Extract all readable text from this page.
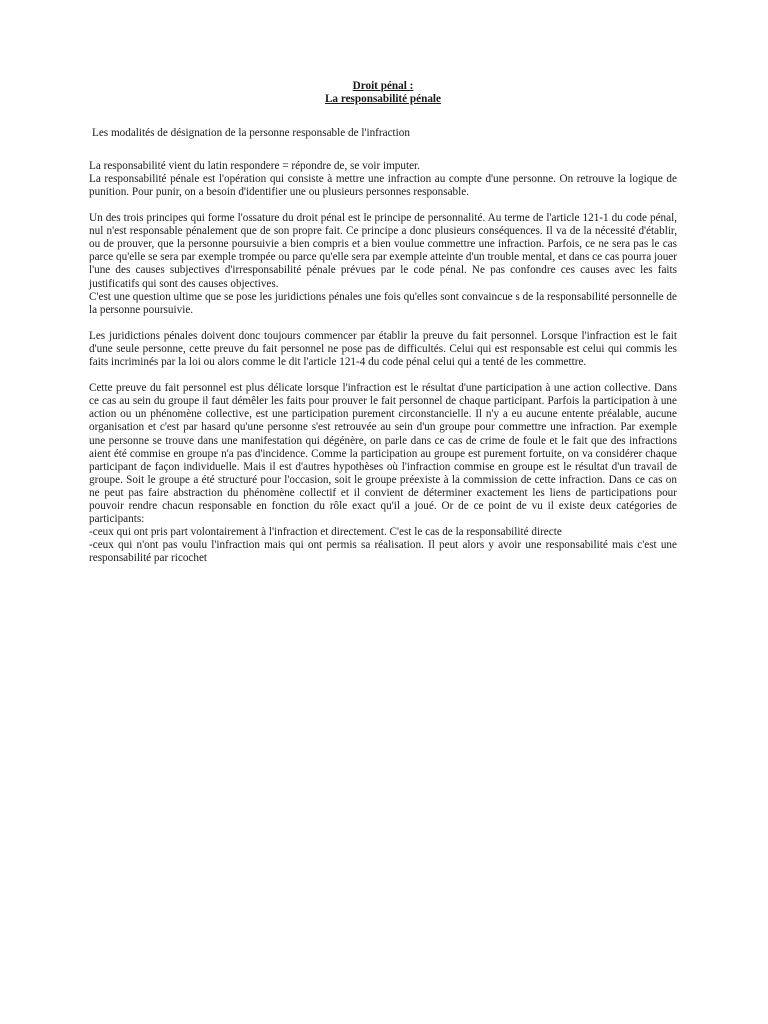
Droit pénal :
La responsabilité pénale
Les modalités de désignation de la personne responsable de l'infraction

La responsabilité vient du latin respondere = répondre de, se voir imputer.

La responsabilité pénale est l'opération qui consiste à mettre une infraction au compte d'une personne. On retrouve la logique de punition. Pour punir, on a besoin d'identifier une ou plusieurs personnes responsable.

Un des trois principes qui forme l'ossature du droit pénal est le principe de personnalité. Au terme de l'article 121-1 du code pénal, nul n'est responsable pénalement que de son propre fait. Ce principe a donc plusieurs conséquences. Il va de la nécessité d'établir, ou de prouver, que la personne poursuivie a bien compris et a bien voulue commettre une infraction. Parfois, ce ne sera pas le cas parce qu'elle se sera par exemple trompée ou parce qu'elle sera par exemple atteinte d'un trouble mental, et dans ce cas pourra jouer l'une des causes subjectives d'irresponsabilité pénale prévues par le code pénal. Ne pas confondre ces causes avec les faits justificatifs qui sont des causes objectives.

C'est une question ultime que se pose les juridictions pénales une fois qu'elles sont convaincue s de la responsabilité personnelle de la personne poursuivie.

Les juridictions pénales doivent donc toujours commencer par établir la preuve du fait personnel. Lorsque l'infraction est le fait d'une seule personne, cette preuve du fait personnel ne pose pas de difficultés. Celui qui est responsable est celui qui commis les faits incriminés par la loi ou alors comme le dit l'article 121-4 du code pénal celui qui a tenté de les commettre.

Cette preuve du fait personnel est plus délicate lorsque l'infraction est le résultat d'une participation à une action collective. Dans ce cas au sein du groupe il faut démêler les faits pour prouver le fait personnel de chaque participant. Parfois la participation à une action ou un phénomène collective, est une participation purement circonstancielle. Il n'y a eu aucune entente préalable, aucune organisation et c'est par hasard qu'une personne s'est retrouvée au sein d'un groupe pour commettre une infraction. Par exemple une personne se trouve dans une manifestation qui dégénère, on parle dans ce cas de crime de foule et le fait que des infractions aient été commise en groupe n'a pas d'incidence. Comme la participation au groupe est purement fortuite, on va considérer chaque participant de façon individuelle. Mais il est d'autres hypothèses où l'infraction commise en groupe est le résultat d'un travail de groupe. Soit le groupe a été structuré pour l'occasion, soit le groupe préexiste à la commission de cette infraction. Dans ce cas on ne peut pas faire abstraction du phénomène collectif et il convient de déterminer exactement les liens de participations pour pouvoir rendre chacun responsable en fonction du rôle exact qu'il a joué. Or de ce point de vu il existe deux catégories de participants:

-ceux qui ont pris part volontairement à l'infraction et directement. C'est le cas de la responsabilité directe

-ceux qui n'ont pas voulu l'infraction mais qui ont permis sa réalisation. Il peut alors y avoir une responsabilité mais c'est une responsabilité par ricochet
